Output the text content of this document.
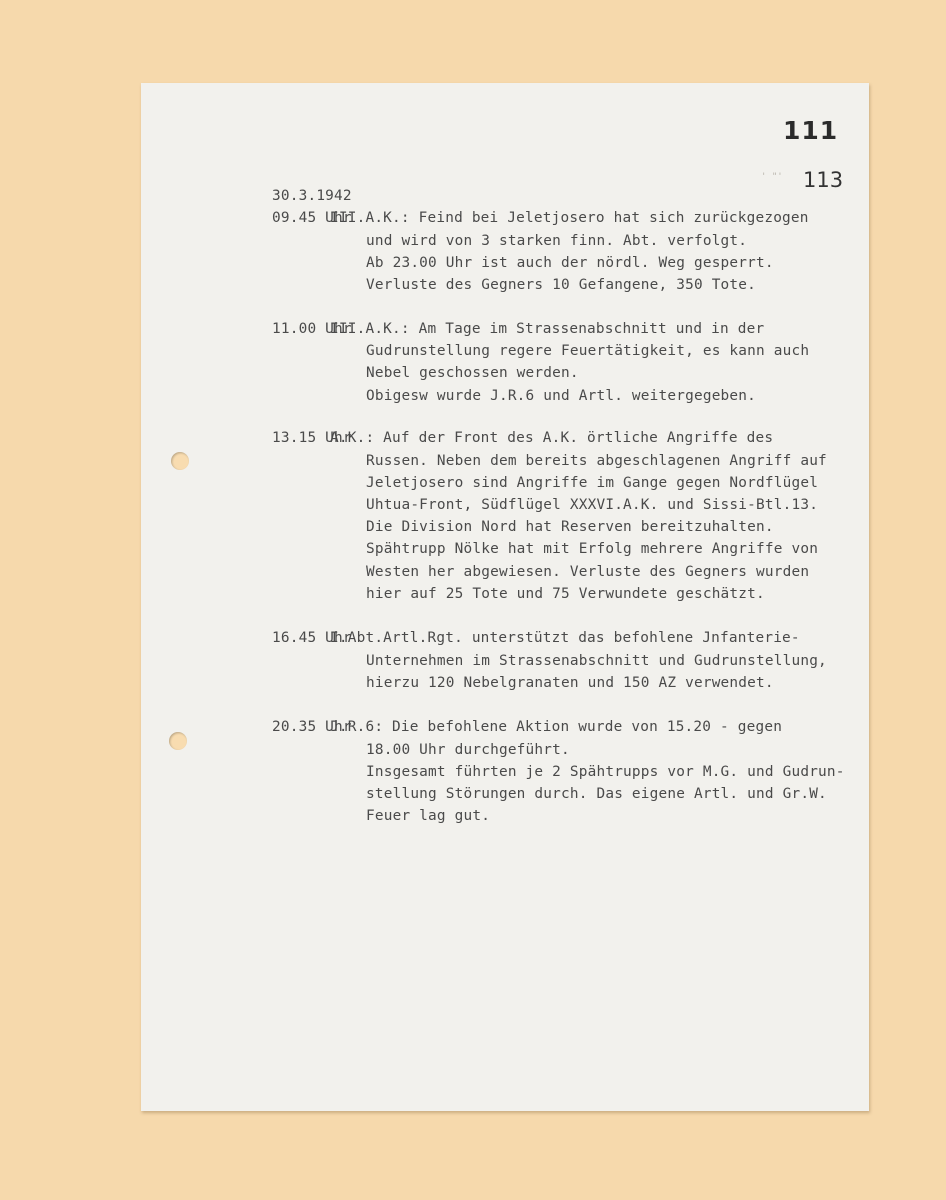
111
113
' "'
30.3.1942
09.45 Uhr
III.A.K.: Feind bei Jeletjosero hat sich zurückgezogen
und wird von 3 starken finn. Abt. verfolgt.
Ab 23.00 Uhr ist auch der nördl. Weg gesperrt.
Verluste des Gegners 10 Gefangene, 350 Tote.
11.00 Uhr
III.A.K.: Am Tage im Strassenabschnitt und in der
Gudrunstellung regere Feuertätigkeit, es kann auch
Nebel geschossen werden.
Obigesw wurde J.R.6 und Artl. weitergegeben.
13.15 Uhr
A.K.: Auf der Front des A.K. örtliche Angriffe des
Russen. Neben dem bereits abgeschlagenen Angriff auf
Jeletjosero sind Angriffe im Gange gegen Nordflügel
Uhtua-Front, Südflügel XXXVI.A.K. und Sissi-Btl.13.
Die Division Nord hat Reserven bereitzuhalten.
Spähtrupp Nölke hat mit Erfolg mehrere Angriffe von
Westen her abgewiesen. Verluste des Gegners wurden
hier auf 25 Tote und 75 Verwundete geschätzt.
16.45 Uhr
I.Abt.Artl.Rgt. unterstützt das befohlene Jnfanterie-
Unternehmen im Strassenabschnitt und Gudrunstellung,
hierzu 120 Nebelgranaten und 150 AZ verwendet.
20.35 Uhr
J.R.6: Die befohlene Aktion wurde von 15.20 - gegen
18.00 Uhr durchgeführt.
Insgesamt führten je 2 Spähtrupps vor M.G. und Gudrun-
stellung Störungen durch. Das eigene Artl. und Gr.W.
Feuer lag gut.
